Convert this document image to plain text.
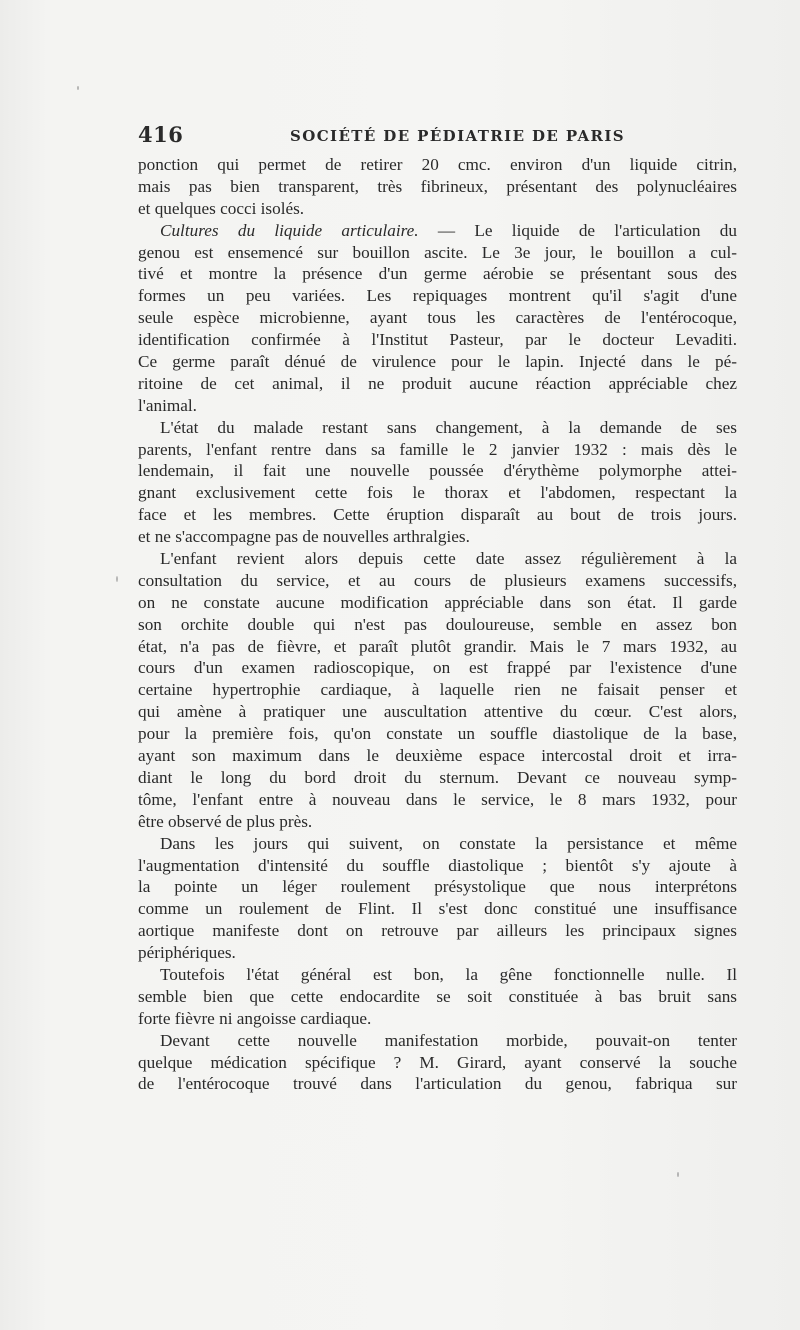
416	SOCIÉTÉ DE PÉDIATRIE DE PARIS

ponction qui permet de retirer 20 cmc. environ d'un liquide citrin,
mais pas bien transparent, très fibrineux, présentant des polynucléaires
et quelques cocci isolés.

Cultures du liquide articulaire. — Le liquide de l'articulation du
genou est ensemencé sur bouillon ascite. Le 3e jour, le bouillon a cul-
tivé et montre la présence d'un germe aérobie se présentant sous des
formes un peu variées. Les repiquages montrent qu'il s'agit d'une
seule espèce microbienne, ayant tous les caractères de l'entérocoque,
identification confirmée à l'Institut Pasteur, par le docteur Levaditi.
Ce germe paraît dénué de virulence pour le lapin. Injecté dans le pé-
ritoine de cet animal, il ne produit aucune réaction appréciable chez
l'animal.

L'état du malade restant sans changement, à la demande de ses
parents, l'enfant rentre dans sa famille le 2 janvier 1932 : mais dès le
lendemain, il fait une nouvelle poussée d'érythème polymorphe attei-
gnant exclusivement cette fois le thorax et l'abdomen, respectant la
face et les membres. Cette éruption disparaît au bout de trois jours.
et ne s'accompagne pas de nouvelles arthralgies.

L'enfant revient alors depuis cette date assez régulièrement à la
consultation du service, et au cours de plusieurs examens successifs,
on ne constate aucune modification appréciable dans son état. Il garde
son orchite double qui n'est pas douloureuse, semble en assez bon
état, n'a pas de fièvre, et paraît plutôt grandir. Mais le 7 mars 1932, au
cours d'un examen radioscopique, on est frappé par l'existence d'une
certaine hypertrophie cardiaque, à laquelle rien ne faisait penser et
qui amène à pratiquer une auscultation attentive du cœur. C'est alors,
pour la première fois, qu'on constate un souffle diastolique de la base,
ayant son maximum dans le deuxième espace intercostal droit et irra-
diant le long du bord droit du sternum. Devant ce nouveau symp-
tôme, l'enfant entre à nouveau dans le service, le 8 mars 1932, pour
être observé de plus près.

Dans les jours qui suivent, on constate la persistance et même
l'augmentation d'intensité du souffle diastolique ; bientôt s'y ajoute à
la pointe un léger roulement présystolique que nous interprétons
comme un roulement de Flint. Il s'est donc constitué une insuffisance
aortique manifeste dont on retrouve par ailleurs les principaux signes
périphériques.

Toutefois l'état général est bon, la gêne fonctionnelle nulle. Il
semble bien que cette endocardite se soit constituée à bas bruit sans
forte fièvre ni angoisse cardiaque.

Devant cette nouvelle manifestation morbide, pouvait-on tenter
quelque médication spécifique ? M. Girard, ayant conservé la souche
de l'entérocoque trouvé dans l'articulation du genou, fabriqua sur
